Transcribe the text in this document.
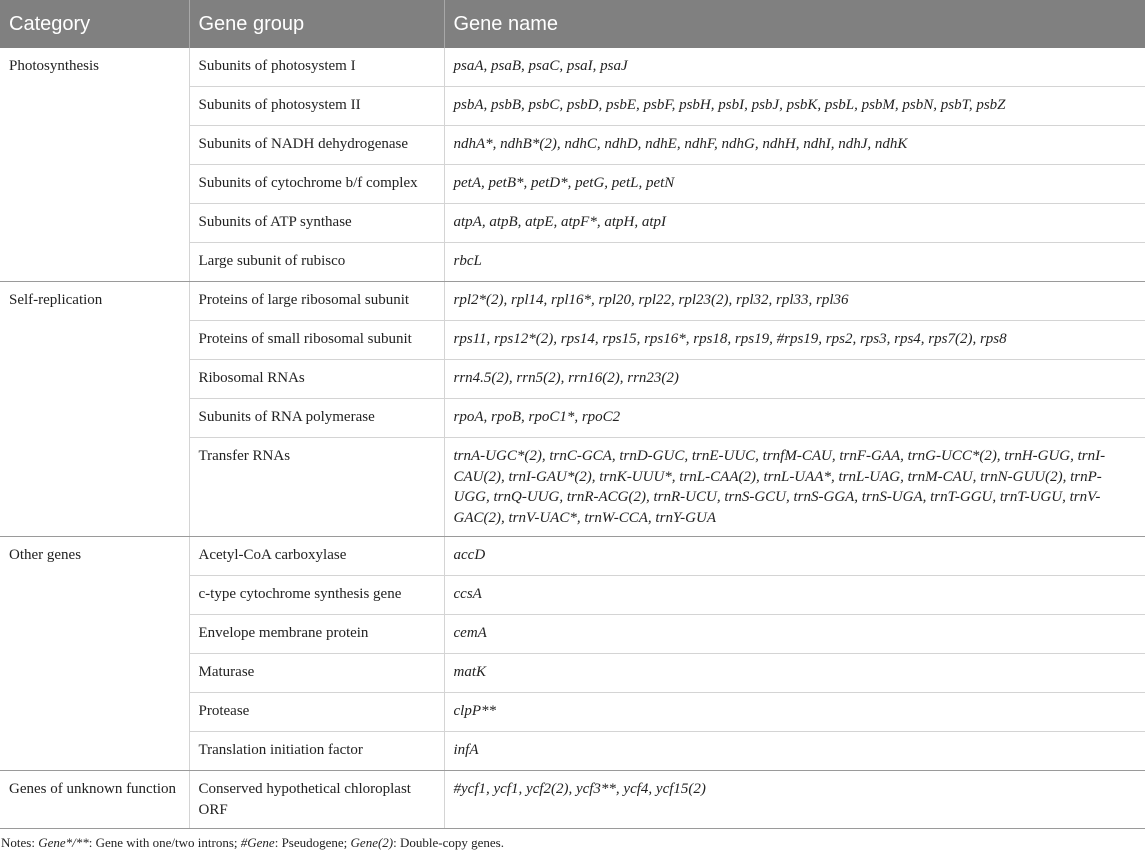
Category	Gene group	Gene name
Photosynthesis	Subunits of photosystem I	psaA, psaB, psaC, psaI, psaJ
	Subunits of photosystem II	psbA, psbB, psbC, psbD, psbE, psbF, psbH, psbI, psbJ, psbK, psbL, psbM, psbN, psbT, psbZ
	Subunits of NADH dehydrogenase	ndhA*, ndhB*(2), ndhC, ndhD, ndhE, ndhF, ndhG, ndhH, ndhI, ndhJ, ndhK
	Subunits of cytochrome b/f complex	petA, petB*, petD*, petG, petL, petN
	Subunits of ATP synthase	atpA, atpB, atpE, atpF*, atpH, atpI
	Large subunit of rubisco	rbcL
Self-replication	Proteins of large ribosomal subunit	rpl2*(2), rpl14, rpl16*, rpl20, rpl22, rpl23(2), rpl32, rpl33, rpl36
	Proteins of small ribosomal subunit	rps11, rps12*(2), rps14, rps15, rps16*, rps18, rps19, #rps19, rps2, rps3, rps4, rps7(2), rps8
	Ribosomal RNAs	rrn4.5(2), rrn5(2), rrn16(2), rrn23(2)
	Subunits of RNA polymerase	rpoA, rpoB, rpoC1*, rpoC2
	Transfer RNAs	trnA-UGC*(2), trnC-GCA, trnD-GUC, trnE-UUC, trnfM-CAU, trnF-GAA, trnG-UCC*(2), trnH-GUG, trnI-CAU(2), trnI-GAU*(2), trnK-UUU*, trnL-CAA(2), trnL-UAA*, trnL-UAG, trnM-CAU, trnN-GUU(2), trnP-UGG, trnQ-UUG, trnR-ACG(2), trnR-UCU, trnS-GCU, trnS-GGA, trnS-UGA, trnT-GGU, trnT-UGU, trnV-GAC(2), trnV-UAC*, trnW-CCA, trnY-GUA
Other genes	Acetyl-CoA carboxylase	accD
	c-type cytochrome synthesis gene	ccsA
	Envelope membrane protein	cemA
	Maturase	matK
	Protease	clpP**
	Translation initiation factor	infA
Genes of unknown function	Conserved hypothetical chloroplast ORF	#ycf1, ycf1, ycf2(2), ycf3**, ycf4, ycf15(2)
Notes: Gene*/**: Gene with one/two introns; #Gene: Pseudogene; Gene(2): Double-copy genes.
